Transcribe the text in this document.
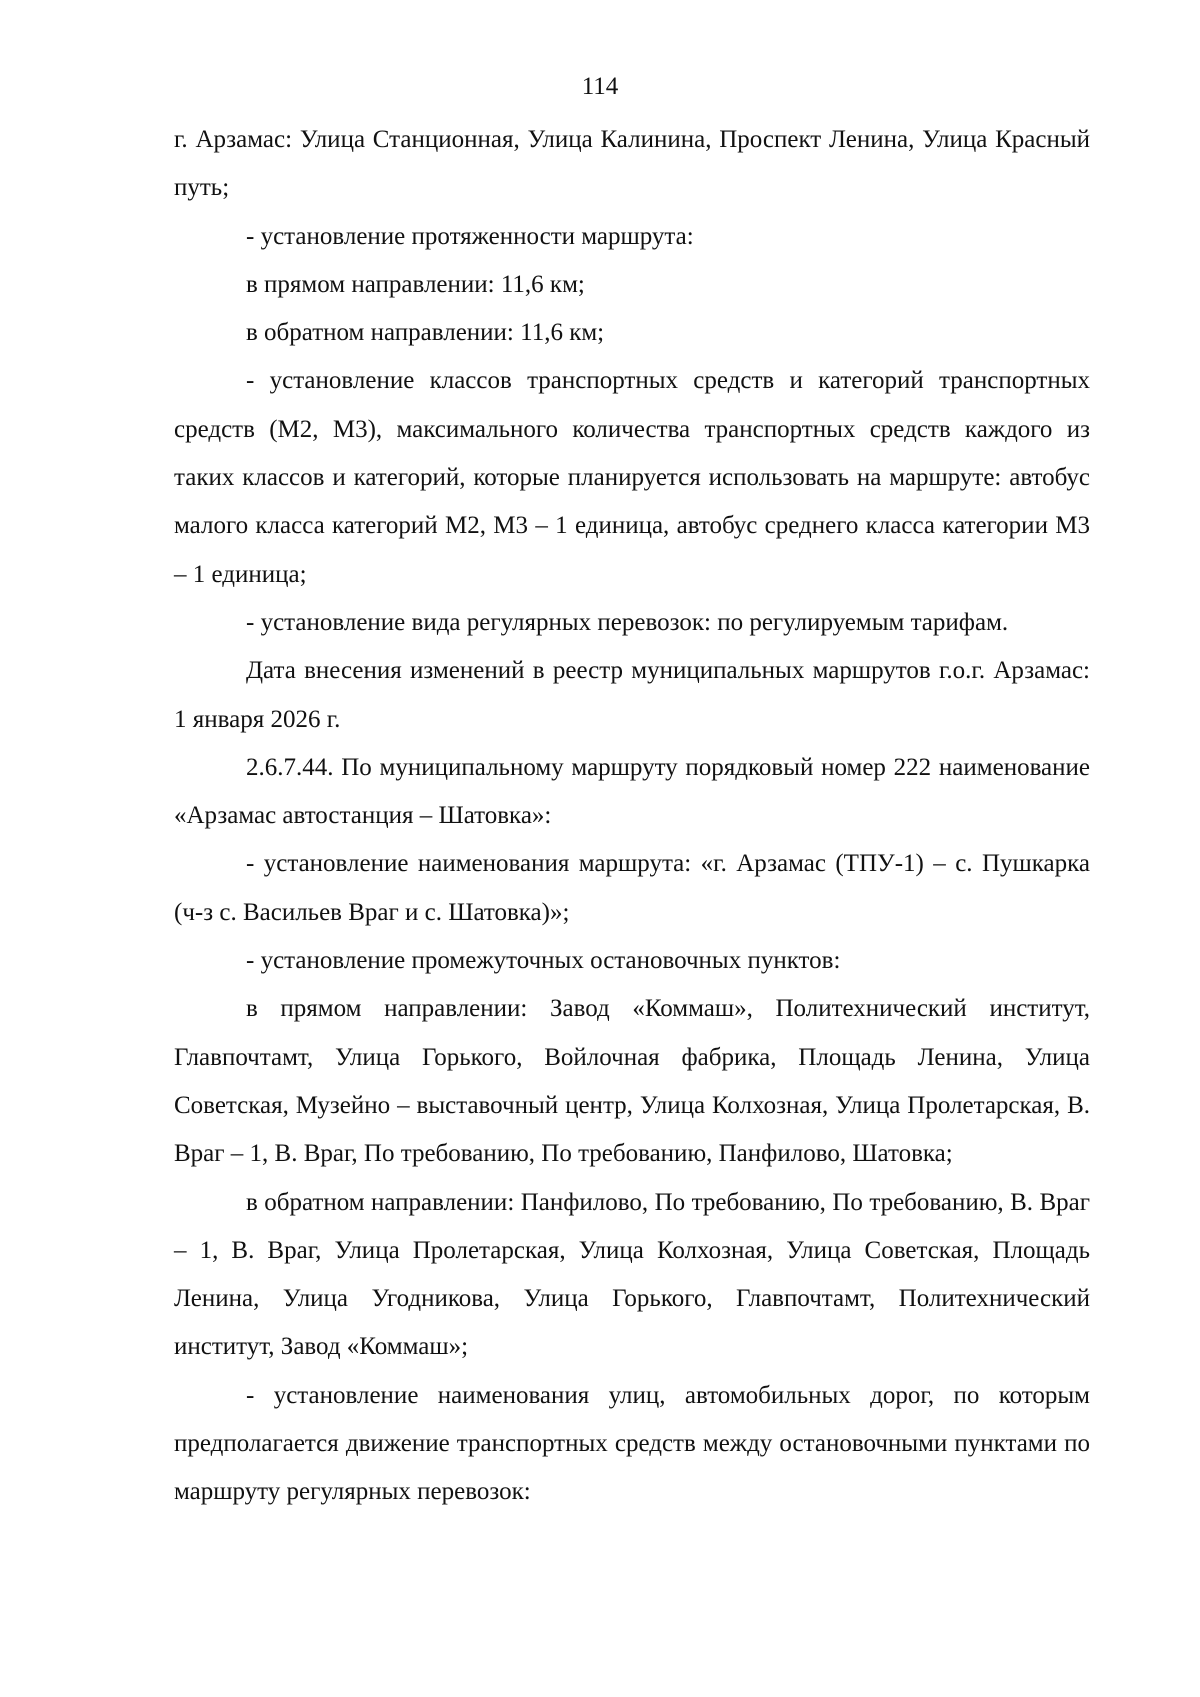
114

г. Арзамас: Улица Станционная, Улица Калинина, Проспект Ленина, Улица Красный путь;

- установление протяженности маршрута:

в прямом направлении: 11,6 км;

в обратном направлении: 11,6 км;

- установление классов транспортных средств и категорий транспортных средств (М2, М3), максимального количества транспортных средств каждого из таких классов и категорий, которые планируется использовать на маршруте: автобус малого класса категорий М2, М3 – 1 единица, автобус среднего класса категории М3 – 1 единица;

- установление вида регулярных перевозок: по регулируемым тарифам.

Дата внесения изменений в реестр муниципальных маршрутов г.о.г. Арзамас: 1 января 2026 г.

2.6.7.44. По муниципальному маршруту порядковый номер 222 наименование «Арзамас автостанция – Шатовка»:

- установление наименования маршрута: «г. Арзамас (ТПУ-1) – с. Пушкарка (ч-з с. Васильев Враг и с. Шатовка)»;

- установление промежуточных остановочных пунктов:

в прямом направлении: Завод «Коммаш», Политехнический институт, Главпочтамт, Улица Горького, Войлочная фабрика, Площадь Ленина, Улица Советская, Музейно – выставочный центр, Улица Колхозная, Улица Пролетарская, В. Враг – 1, В. Враг, По требованию, По требованию, Панфилово, Шатовка;

в обратном направлении: Панфилово, По требованию, По требованию, В. Враг – 1, В. Враг, Улица Пролетарская, Улица Колхозная, Улица Советская, Площадь Ленина, Улица Угодникова, Улица Горького, Главпочтамт, Политехнический институт, Завод «Коммаш»;

- установление наименования улиц, автомобильных дорог, по которым предполагается движение транспортных средств между остановочными пунктами по маршруту регулярных перевозок:
